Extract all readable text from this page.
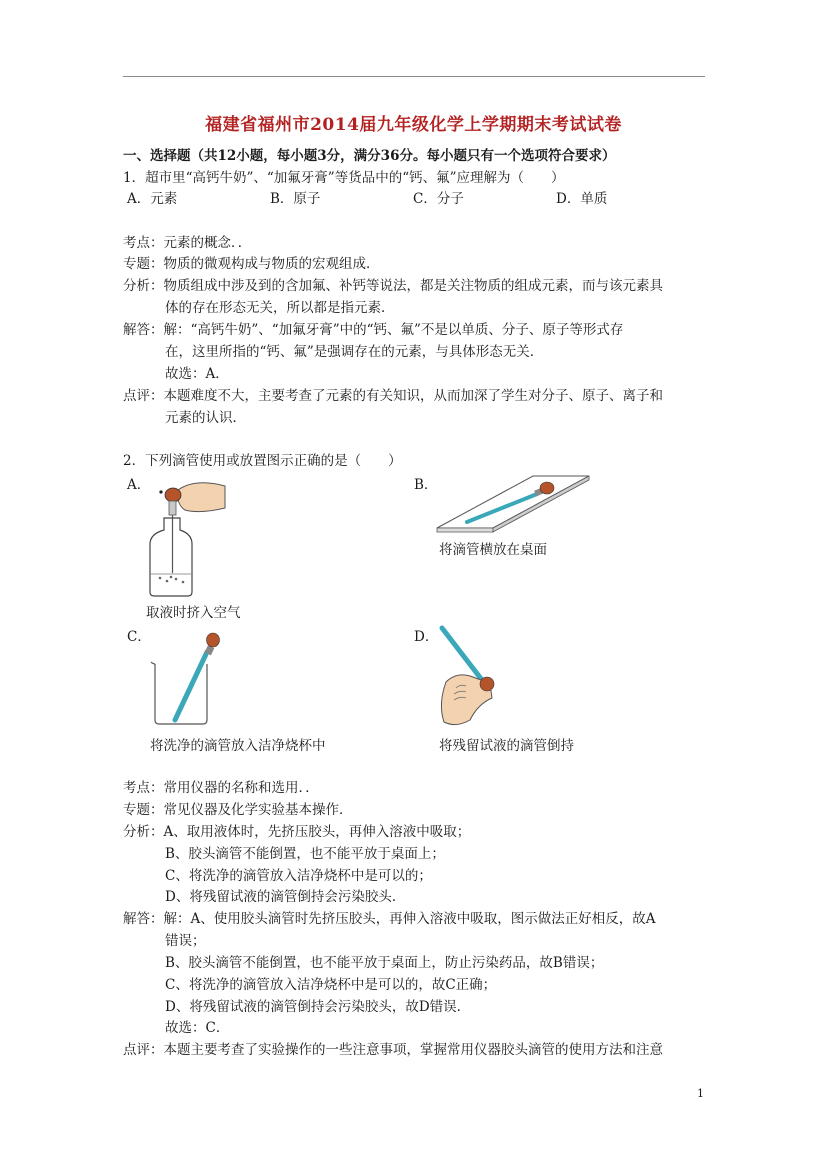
福建省福州市2014届九年级化学上学期期末考试试卷
一、选择题（共12小题，每小题3分，满分36分。每小题只有一个选项符合要求）
1．超市里“高钙牛奶”、“加氟牙膏”等货品中的“钙、氟”应理解为（　　）
A．元素	B．原子	C．分子	D．单质
考点：元素的概念．．
专题：物质的微观构成与物质的宏观组成．
分析：物质组成中涉及到的含加氟、补钙等说法，都是关注物质的组成元素，而与该元素具
体的存在形态无关，所以都是指元素．
解答：解：“高钙牛奶”、“加氟牙膏”中的“钙、氟”不是以单质、分子、原子等形式存
在，这里所指的“钙、氟”是强调存在的元素，与具体形态无关．
故选：A．
点评：本题难度不大，主要考查了元素的有关知识，从而加深了学生对分子、原子、离子和
元素的认识．
2．下列滴管使用或放置图示正确的是（　　）
A．
取液时挤入空气
B．
将滴管横放在桌面
C．
将洗净的滴管放入洁净烧杯中
D．
将残留试液的滴管倒持
考点：常用仪器的名称和选用．．
专题：常见仪器及化学实验基本操作．
分析：A、取用液体时，先挤压胶头，再伸入溶液中吸取；
B、胶头滴管不能倒置，也不能平放于桌面上；
C、将洗净的滴管放入洁净烧杯中是可以的；
D、将残留试液的滴管倒持会污染胶头．
解答：解：A、使用胶头滴管时先挤压胶头，再伸入溶液中吸取，图示做法正好相反，故A
错误；
B、胶头滴管不能倒置，也不能平放于桌面上，防止污染药品，故B错误；
C、将洗净的滴管放入洁净烧杯中是可以的，故C正确；
D、将残留试液的滴管倒持会污染胶头，故D错误．
故选：C．
点评：本题主要考查了实验操作的一些注意事项，掌握常用仪器胶头滴管的使用方法和注意
1
